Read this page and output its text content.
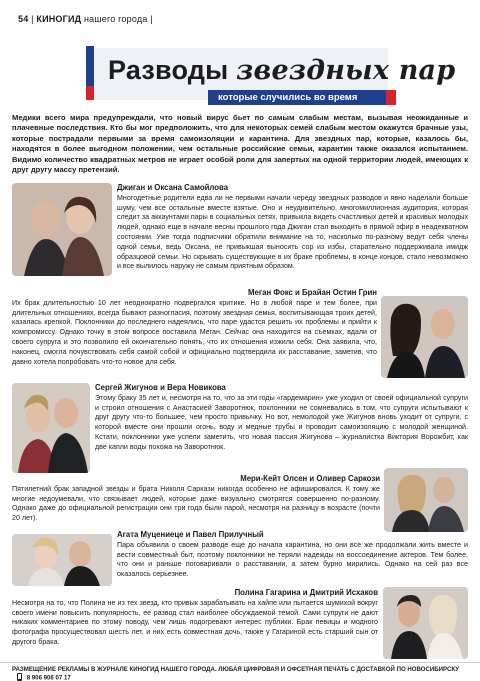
54 | КИНОГИД нашего города |
Разводы звездных пар
которые случились во время пандемии

Медики всего мира предупреждали, что новый вирус бьет по самым слабым местам, вызывая неожиданные и плачевные последствия. Кто бы мог предположить, что для некоторых семей слабым местом окажутся брачные узы, которые пострадали первыми за время самоизоляции и карантина. Для звездных пар, которые, казалось бы, находятся в более выгодном положении, чем остальные российские семьи, карантин также оказался испытанием. Видимо количество квадратных метров не играет особой роли для запертых на одной территории людей, имеющих к друг другу массу претензий.

Джиган и Оксана Самойлова

Многодетные родители едва ли не первыми начали череду звездных разводов и явно наделали больше шуму, чем все остальные вместе взятые. Оно и неудивительно, многомиллионная аудитория, которая следит за аккаунтами пары в социальных сетях, привыкла видеть счастливых детей и красивых молодых людей, однако еще в начале весны прошлого года Джиган стал выходить в прямой эфир в неадекватном состоянии. Уже тогда подписчики обратили внимание на то, насколько по-разному ведут себя члены одной семьи, ведь Оксана, не привыкшая выносить сор из избы, старательно поддерживала имидж образцовой семьи. Но скрывать существующие в их браке проблемы, в конце концов, стало невозможно и все вылилось наружу не самым приятным образом.

Меган Фокс и Брайан Остин Грин

Их брак длительностью 10 лет неоднократно подвергался критике. Но в любой паре и тем более, при длительных отношениях, всегда бывают разногласия, поэтому звездная семья, воспитывающая троих детей, казалась крепкой. Поклонники до последнего надеялись, что паре удастся решить их проблемы и прийти к компромиссу. Однако точку в этом вопросе поставила Меган. Сейчас она находится на съемках, вдали от своего супруга и это позволило ей окончательно понять, что их отношения изжили себя. Она заявила, что, наконец, смогла почувствовать себя самой собой и официально подтвердила их расставание, заметив, что давно хотела попробовать что-то новое для себя.

Сергей Жигунов и Вера Новикова

Этому браку 35 лет и, несмотря на то, что за эти годы «гардемарин» уже уходил от своей официальной супруги и строил отношения с Анастасией Заворотнюк, поклонники не сомневались в том, что супруги испытывают к друг другу что-то большее, чем просто привычку. Но вот, немолодой уже Жигунов вновь уходит от супруги, с которой вместе они прошли огонь, воду и медные трубы и проводит самоизоляцию с молодой женщиной. Кстати, поклонники уже успели заметить, что новая пассия Жигунова – журналистка Виктория Ворожбит, как две капли воды похожа на Заворотнюк.

Мери-Кейт Олсен и Оливер Саркози

Пятилетний брак западной звезды и брата Николя Саркази никогда особенно не афишировался. К тому же многие недоумевали, что связывает людей, которые даже визуально смотрятся совершенно по-разному. Однако даже до официальной регистрации они три года были парой, несмотря на разницу в возрасте (почти 20 лет).

Агата Муцениеце и Павел Прилучный

Пара объявила о своем разводе еще до начала карантина, но они все же продолжали жить вместе и вести совместный быт, поэтому поклонники не теряли надежды на воссоединение актеров. Тем более, что они и раньше поговаривали о расставании, а затем бурно мирились. Однако на сей раз все оказалось серьезнее.

Полина Гагарина и Дмитрий Исхаков

Несмотря на то, что Полина не из тех звезд, кто привык зарабатывать на хайпе или пытается шумихой вокруг своего имени повысить популярность, ее развод стал наиболее обсуждаемой темой. Сами супруги не дают никаких комментариев по этому поводу, чем лишь подогревают интерес публики. Брак певицы и модного фотографа просуществовал шесть лет, и них есть совместная дочь, также у Гагариной есть старший сын от другого брака.

РАЗМЕЩЕНИЕ РЕКЛАМЫ В ЖУРНАЛЕ КИНОГИД НАШЕГО ГОРОДА. ЛЮБАЯ ЦИФРОВАЯ И ОФСЕТНАЯ ПЕЧАТЬ С ДОСТАВКОЙ ПО НОВОСИБИРСКУ  8 906 906 07 17
